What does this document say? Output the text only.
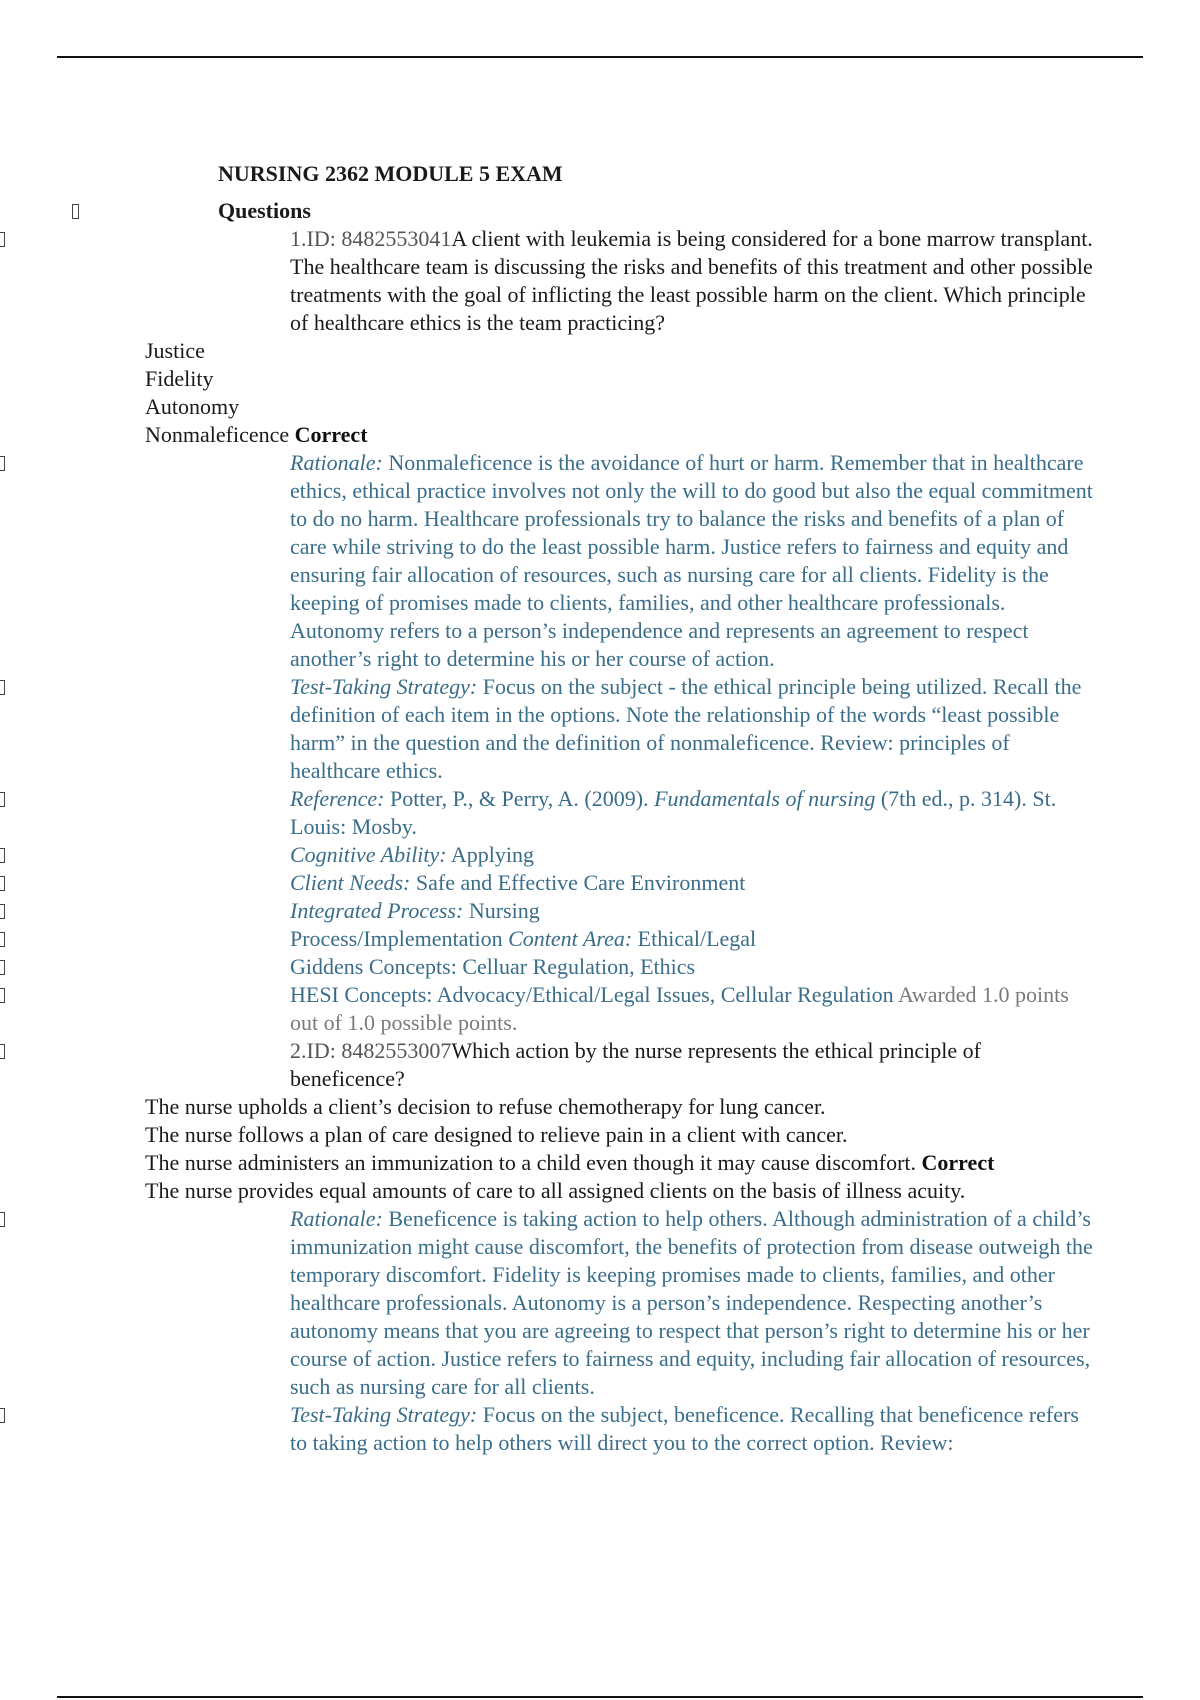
NURSING 2362 MODULE 5 EXAM

Questions

1.ID: 8482553041A client with leukemia is being considered for a bone marrow transplant. The healthcare team is discussing the risks and benefits of this treatment and other possible treatments with the goal of inflicting the least possible harm on the client. Which principle of healthcare ethics is the team practicing?

Justice

Fidelity

Autonomy

Nonmaleficence Correct

Rationale: Nonmaleficence is the avoidance of hurt or harm. Remember that in healthcare ethics, ethical practice involves not only the will to do good but also the equal commitment to do no harm. Healthcare professionals try to balance the risks and benefits of a plan of care while striving to do the least possible harm. Justice refers to fairness and equity and ensuring fair allocation of resources, such as nursing care for all clients. Fidelity is the keeping of promises made to clients, families, and other healthcare professionals. Autonomy refers to a person’s independence and represents an agreement to respect another’s right to determine his or her course of action.

Test-Taking Strategy: Focus on the subject - the ethical principle being utilized. Recall the definition of each item in the options. Note the relationship of the words “least possible harm” in the question and the definition of nonmaleficence. Review: principles of healthcare ethics.

Reference: Potter, P., & Perry, A. (2009). Fundamentals of nursing (7th ed., p. 314). St. Louis: Mosby.

Cognitive Ability: Applying

Client Needs: Safe and Effective Care Environment

Integrated Process: Nursing

Process/Implementation Content Area: Ethical/Legal

Giddens Concepts: Celluar Regulation, Ethics

HESI Concepts: Advocacy/Ethical/Legal Issues, Cellular Regulation Awarded 1.0 points out of 1.0 possible points.

2.ID: 8482553007Which action by the nurse represents the ethical principle of beneficence?

The nurse upholds a client’s decision to refuse chemotherapy for lung cancer.

The nurse follows a plan of care designed to relieve pain in a client with cancer.

The nurse administers an immunization to a child even though it may cause discomfort. Correct

The nurse provides equal amounts of care to all assigned clients on the basis of illness acuity.

Rationale: Beneficence is taking action to help others. Although administration of a child’s immunization might cause discomfort, the benefits of protection from disease outweigh the temporary discomfort. Fidelity is keeping promises made to clients, families, and other healthcare professionals. Autonomy is a person’s independence. Respecting another’s autonomy means that you are agreeing to respect that person’s right to determine his or her course of action. Justice refers to fairness and equity, including fair allocation of resources, such as nursing care for all clients.

Test-Taking Strategy: Focus on the subject, beneficence. Recalling that beneficence refers to taking action to help others will direct you to the correct option. Review:
